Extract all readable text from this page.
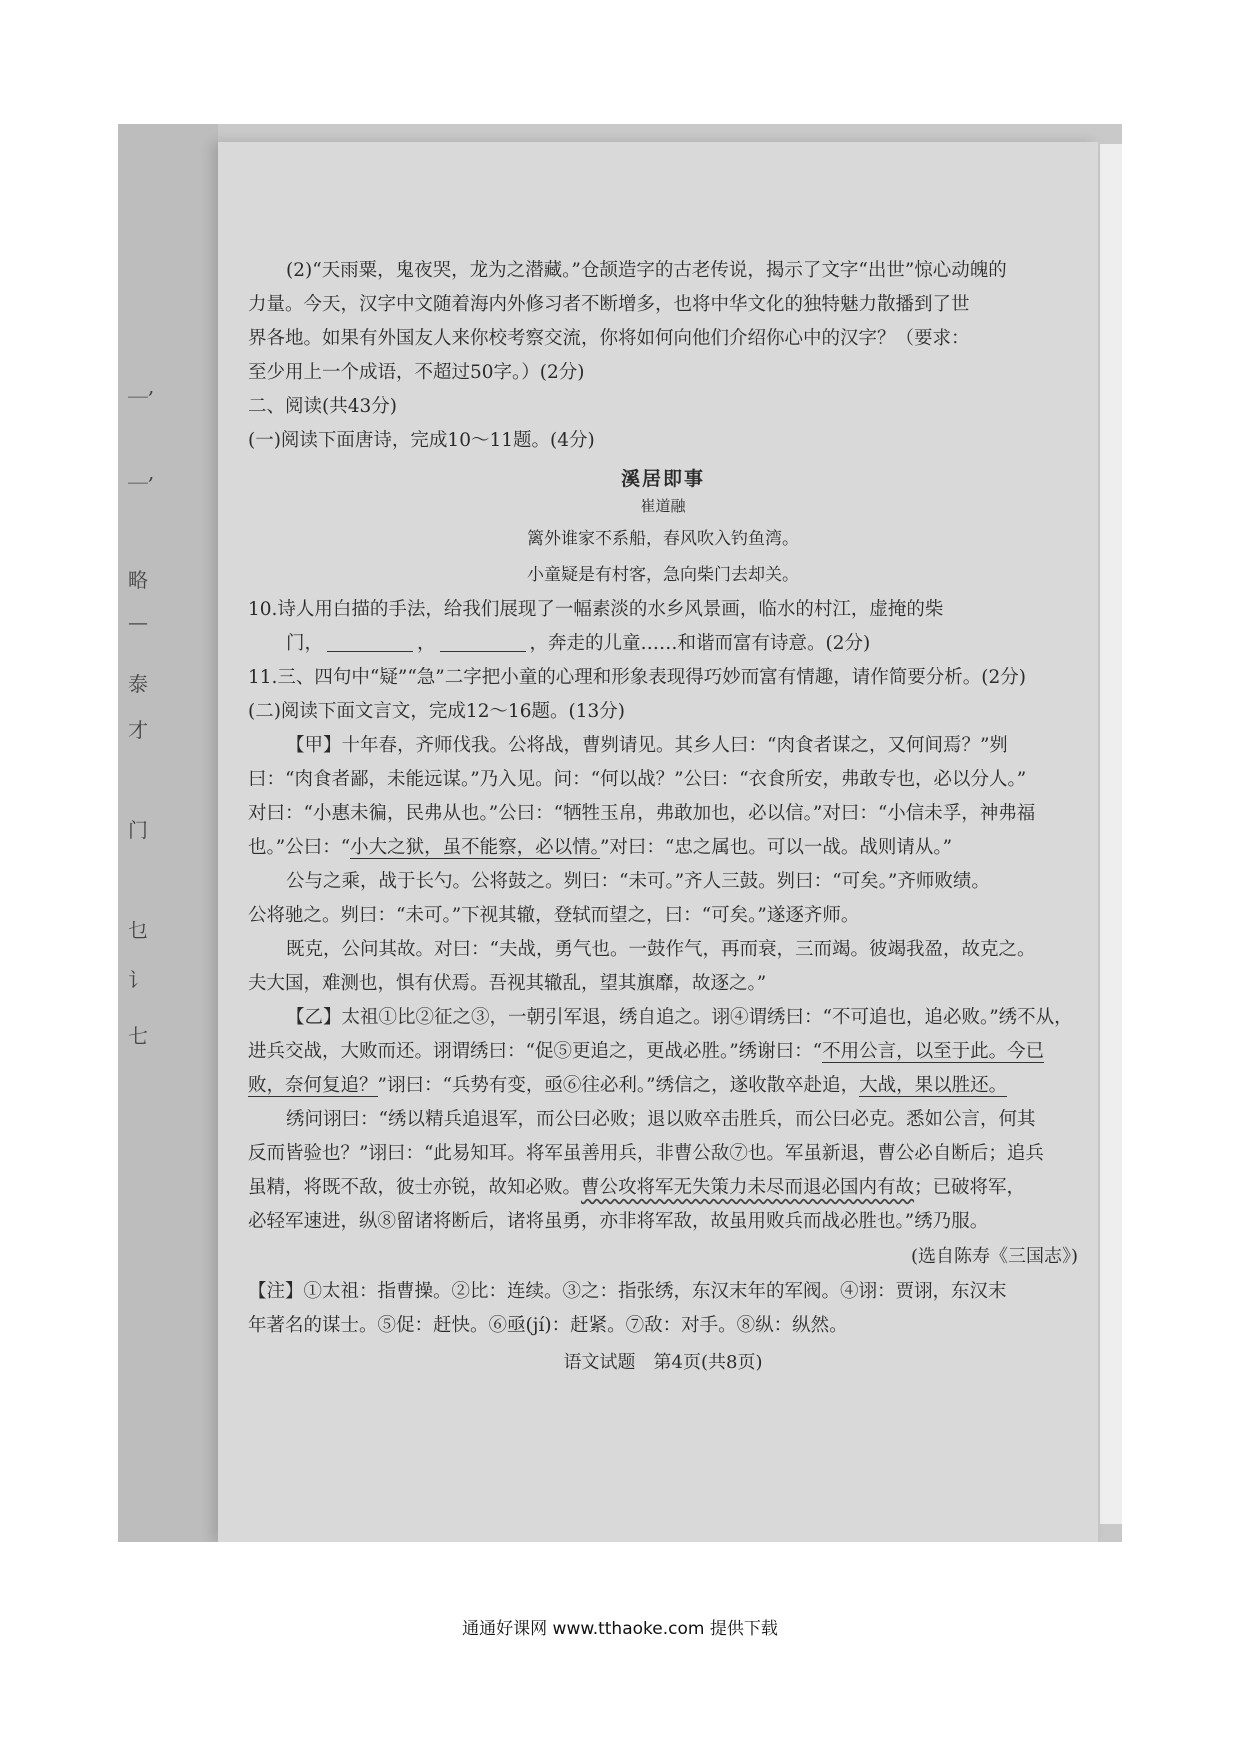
__,
__,
略
—
泰
才
门
乜
讠
七
(2)“天雨粟，鬼夜哭，龙为之潜藏。”仓颉造字的古老传说，揭示了文字“出世”惊心动魄的
力量。今天，汉字中文随着海内外修习者不断增多，也将中华文化的独特魅力散播到了世
界各地。如果有外国友人来你校考察交流，你将如何向他们介绍你心中的汉字？（要求：
至少用上一个成语，不超过50字。）(2分)
二、阅读(共43分)
(一)阅读下面唐诗，完成10～11题。(4分)
溪居即事
崔道融
篱外谁家不系船，春风吹入钓鱼湾。
小童疑是有村客，急向柴门去却关。
10.诗人用白描的手法，给我们展现了一幅素淡的水乡风景画，临水的村江，虚掩的柴
门，	，	，奔走的儿童……和谐而富有诗意。(2分)
11.三、四句中“疑”“急”二字把小童的心理和形象表现得巧妙而富有情趣，请作简要分析。(2分)
(二)阅读下面文言文，完成12～16题。(13分)
【甲】十年春，齐师伐我。公将战，曹刿请见。其乡人曰：“肉食者谋之，又何间焉？”刿
曰：“肉食者鄙，未能远谋。”乃入见。问：“何以战？”公曰：“衣食所安，弗敢专也，必以分人。”
对曰：“小惠未徧，民弗从也。”公曰：“牺牲玉帛，弗敢加也，必以信。”对曰：“小信未孚，神弗福
也。”公曰：“小大之狱，虽不能察，必以情。”对曰：“忠之属也。可以一战。战则请从。”
公与之乘，战于长勺。公将鼓之。刿曰：“未可。”齐人三鼓。刿曰：“可矣。”齐师败绩。
公将驰之。刿曰：“未可。”下视其辙，登轼而望之，曰：“可矣。”遂逐齐师。
既克，公问其故。对曰：“夫战，勇气也。一鼓作气，再而衰，三而竭。彼竭我盈，故克之。
夫大国，难测也，惧有伏焉。吾视其辙乱，望其旗靡，故逐之。”
【乙】太祖①比②征之③，一朝引军退，绣自追之。诩④谓绣曰：“不可追也，追必败。”绣不从，
进兵交战，大败而还。诩谓绣曰：“促⑤更追之，更战必胜。”绣谢曰：“不用公言，以至于此。今已
败，奈何复追？”诩曰：“兵势有变，亟⑥往必利。”绣信之，遂收散卒赴追，大战，果以胜还。
绣问诩曰：“绣以精兵追退军，而公曰必败；退以败卒击胜兵，而公曰必克。悉如公言，何其
反而皆验也？”诩曰：“此易知耳。将军虽善用兵，非曹公敌⑦也。军虽新退，曹公必自断后；追兵
虽精，将既不敌，彼士亦锐，故知必败。曹公攻将军无失策力未尽而退必国内有故；已破将军，
必轻军速进，纵⑧留诸将断后，诸将虽勇，亦非将军敌，故虽用败兵而战必胜也。”绣乃服。
(选自陈寿《三国志》)
【注】①太祖：指曹操。②比：连续。③之：指张绣，东汉末年的军阀。④诩：贾诩，东汉末
年著名的谋士。⑤促：赶快。⑥亟(jí)：赶紧。⑦敌：对手。⑧纵：纵然。
语文试题　第4页(共8页)
通通好课网 www.tthaoke.com 提供下载
